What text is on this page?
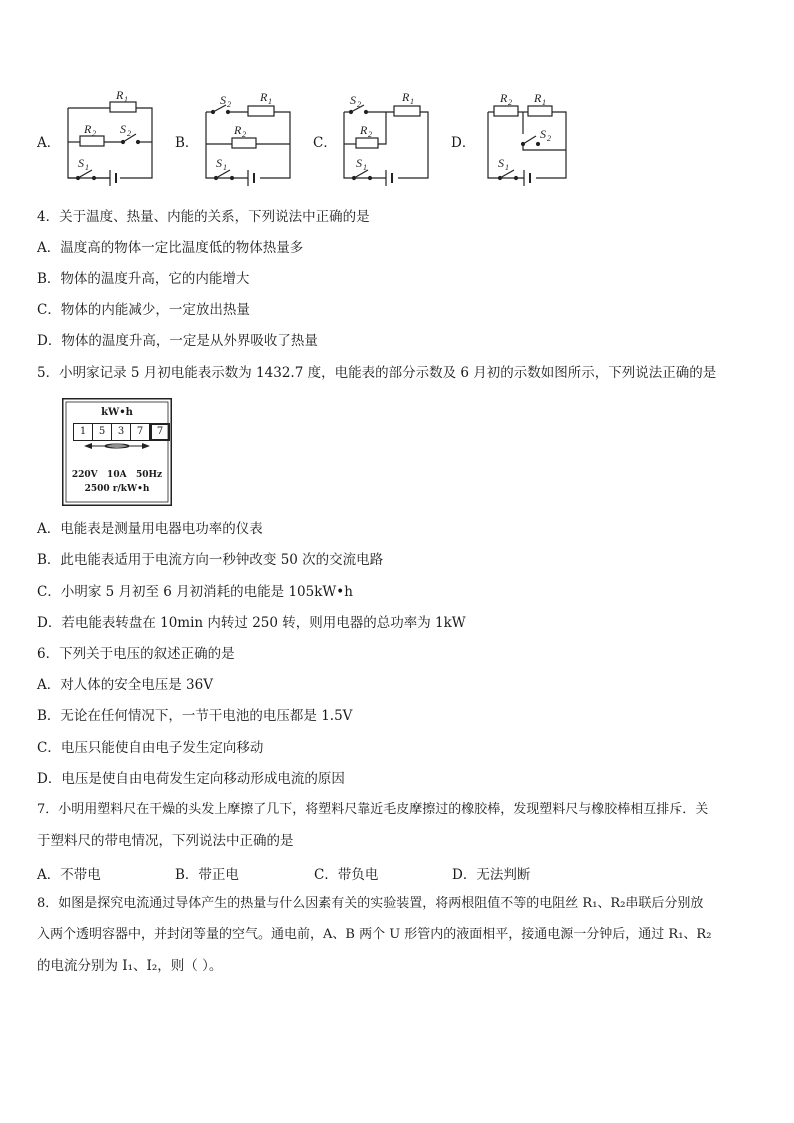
A．	B．	C．	D．
R 1
R 2 S 2
S 1
S 2
R 1
R 2
S 1
S 2
R 1
R 2
S 1
R 2 R 1
S 2
S 1
4．关于温度、热量、内能的关系，下列说法中正确的是
A．温度高的物体一定比温度低的物体热量多
B．物体的温度升高，它的内能增大
C．物体的内能减少，一定放出热量
D．物体的温度升高，一定是从外界吸收了热量
5．小明家记录 5 月初电能表示数为 1432.7 度，电能表的部分示数及 6 月初的示数如图所示，下列说法正确的是
kW•h
1	5	3	7	7
220V   10A   50Hz
2500 r/kW•h
A．电能表是测量用电器电功率的仪表
B．此电能表适用于电流方向一秒钟改变 50 次的交流电路
C．小明家 5 月初至 6 月初消耗的电能是 105kW•h
D．若电能表转盘在 10min 内转过 250 转，则用电器的总功率为 1kW
6．下列关于电压的叙述正确的是
A．对人体的安全电压是 36V
B．无论在任何情况下，一节干电池的电压都是 1.5V
C．电压只能使自由电子发生定向移动
D．电压是使自由电荷发生定向移动形成电流的原因
7．小明用塑料尺在干燥的头发上摩擦了几下，将塑料尺靠近毛皮摩擦过的橡胶棒，发现塑料尺与橡胶棒相互排斥．关
于塑料尺的带电情况，下列说法中正确的是
A．不带电	B．带正电	C．带负电	D．无法判断
8．如图是探究电流通过导体产生的热量与什么因素有关的实验装置，将两根阻值不等的电阻丝 R₁、R₂串联后分别放
入两个透明容器中，并封闭等量的空气。通电前，A、B 两个 U 形管内的液面相平，接通电源一分钟后，通过 R₁、R₂
的电流分别为 I₁、I₂，则（ ）。
